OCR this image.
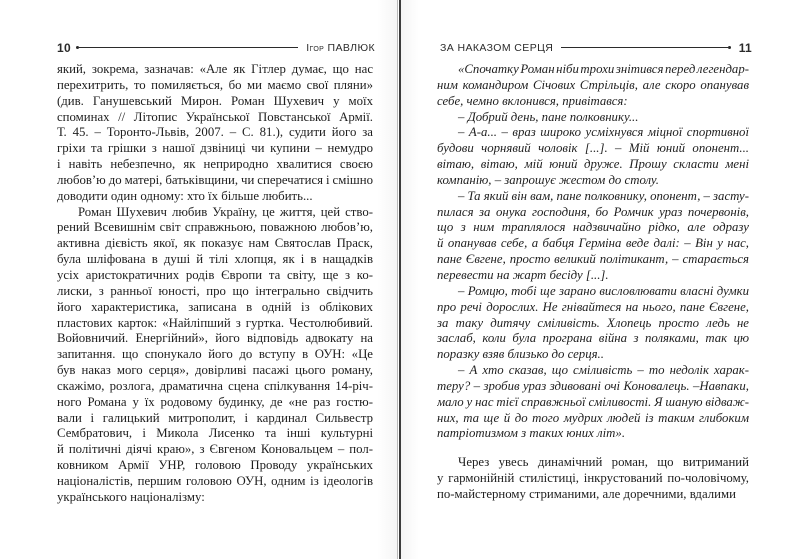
10	Ігор ПАВЛЮК	ЗА НАКАЗОМ СЕРЦЯ	11
який, зокрема, зазначав: «Але як Гітлер думає, що нас
перехитрить, то помиляється, бо ми маємо свої пляни»
(див. Ганушевський Мирон. Роман Шухевич у моїх
споминах // Літопис Української Повстанської Армії.
Т. 45. – Торонто-Львів, 2007. – С. 81.), судити його за
гріхи та грішки з нашої дзвіниці чи купини – немудро
і навіть небезпечно, як неприродно хвалитися своєю
любов’ю до матері, батьківщини, чи сперечатися і смішно
доводити один одному: хто їх більше любить...
Роман Шухевич любив Україну, це життя, цей ство-
рений Всевишнім світ справжньою, поважною любов’ю,
активна дієвість якої, як показує нам Святослав Праск,
була шліфована в душі й тілі хлопця, як і в нащадків
усіх аристократичних родів Європи та світу, ще з ко-
лиски, з ранньої юності, про що інтегрально свідчить
його характеристика, записана в одній із облікових
пластових карток: «Найліпший з гуртка. Честолюбивий.
Войовничий. Енергійний», його відповідь адвокату на
запитання. що спонукало його до вступу в ОУН: «Це
був наказ мого серця», довірливі пасажі цього роману,
скажімо, розлога, драматична сцена спілкування 14-річ-
ного Романа у їх родовому будинку, де «не раз гостю-
вали і галицький митрополит, і кардинал Сильвестр
Сембратович, і Микола Лисенко та інші культурні
й політичні діячі краю», з Євгеном Коновальцем – пол-
ковником Армії УНР, головою Проводу українських
націоналістів, першим головою ОУН, одним із ідеологів
українського націоналізму:
«Спочатку Роман ніби трохи знітився перед легендар-
ним командиром Січових Стрільців, але скоро опанував
себе, чемно вклонився, привітався:
– Добрий день, пане полковнику...
– А-а... – враз широко усміхнувся міцної спортивної
будови чорнявий чоловік [...]. – Мій юний опонент...
вітаю, вітаю, мій юний друже. Прошу скласти мені
компанію, – запрошує жестом до столу.
– Та який він вам, пане полковнику, опонент, – засту-
пилася за онука господиня, бо Ромчик ураз почервонів,
що з ним траплялося надзвичайно рідко, але одразу
й опанував себе, а бабця Герміна веде далі: – Він у нас,
пане Євгене, просто великий політикант, – старається
перевести на жарт бесіду [...].
– Ромцю, тобі ще зарано висловлювати власні думки
про речі дорослих. Не гнівайтеся на нього, пане Євгене,
за таку дитячу сміливість. Хлопець просто ледь не
заслаб, коли була програна війна з поляками, так цю
поразку взяв близько до серця..
– А хто сказав, що сміливість – то недолік харак-
теру? – зробив ураз здивовані очі Коновалець. –Навпаки,
мало у нас тієї справжньої сміливості. Я шаную відваж-
них, та ще й до того мудрих людей із таким глибоким
патріотизмом з таких юних літ».
Через увесь динамічний роман, що витриманий
у гармонійній стилістиці, інкрустований по-чоловічому,
по-майстерному стриманими, але доречними, вдалими
